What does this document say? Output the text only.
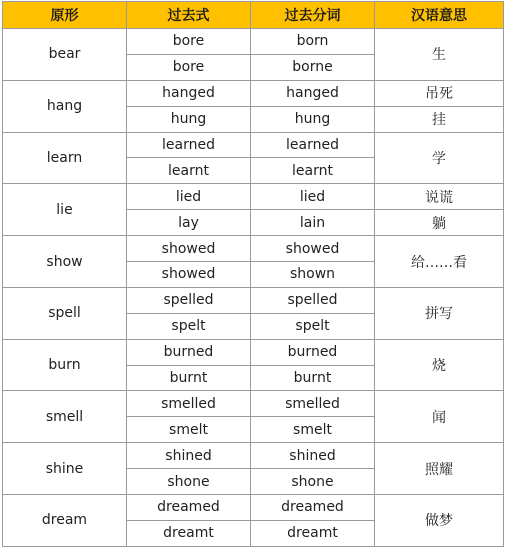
原形	过去式	过去分词	汉语意思
bear	bore	born	生
	bore	borne	
hang	hanged	hanged	吊死
	hung	hung	挂
learn	learned	learned	学
	learnt	learnt	
lie	lied	lied	说谎
	lay	lain	躺
show	showed	showed	给……看
	showed	shown	
spell	spelled	spelled	拼写
	spelt	spelt	
burn	burned	burned	烧
	burnt	burnt	
smell	smelled	smelled	闻
	smelt	smelt	
shine	shined	shined	照耀
	shone	shone	
dream	dreamed	dreamed	做梦
	dreamt	dreamt	
